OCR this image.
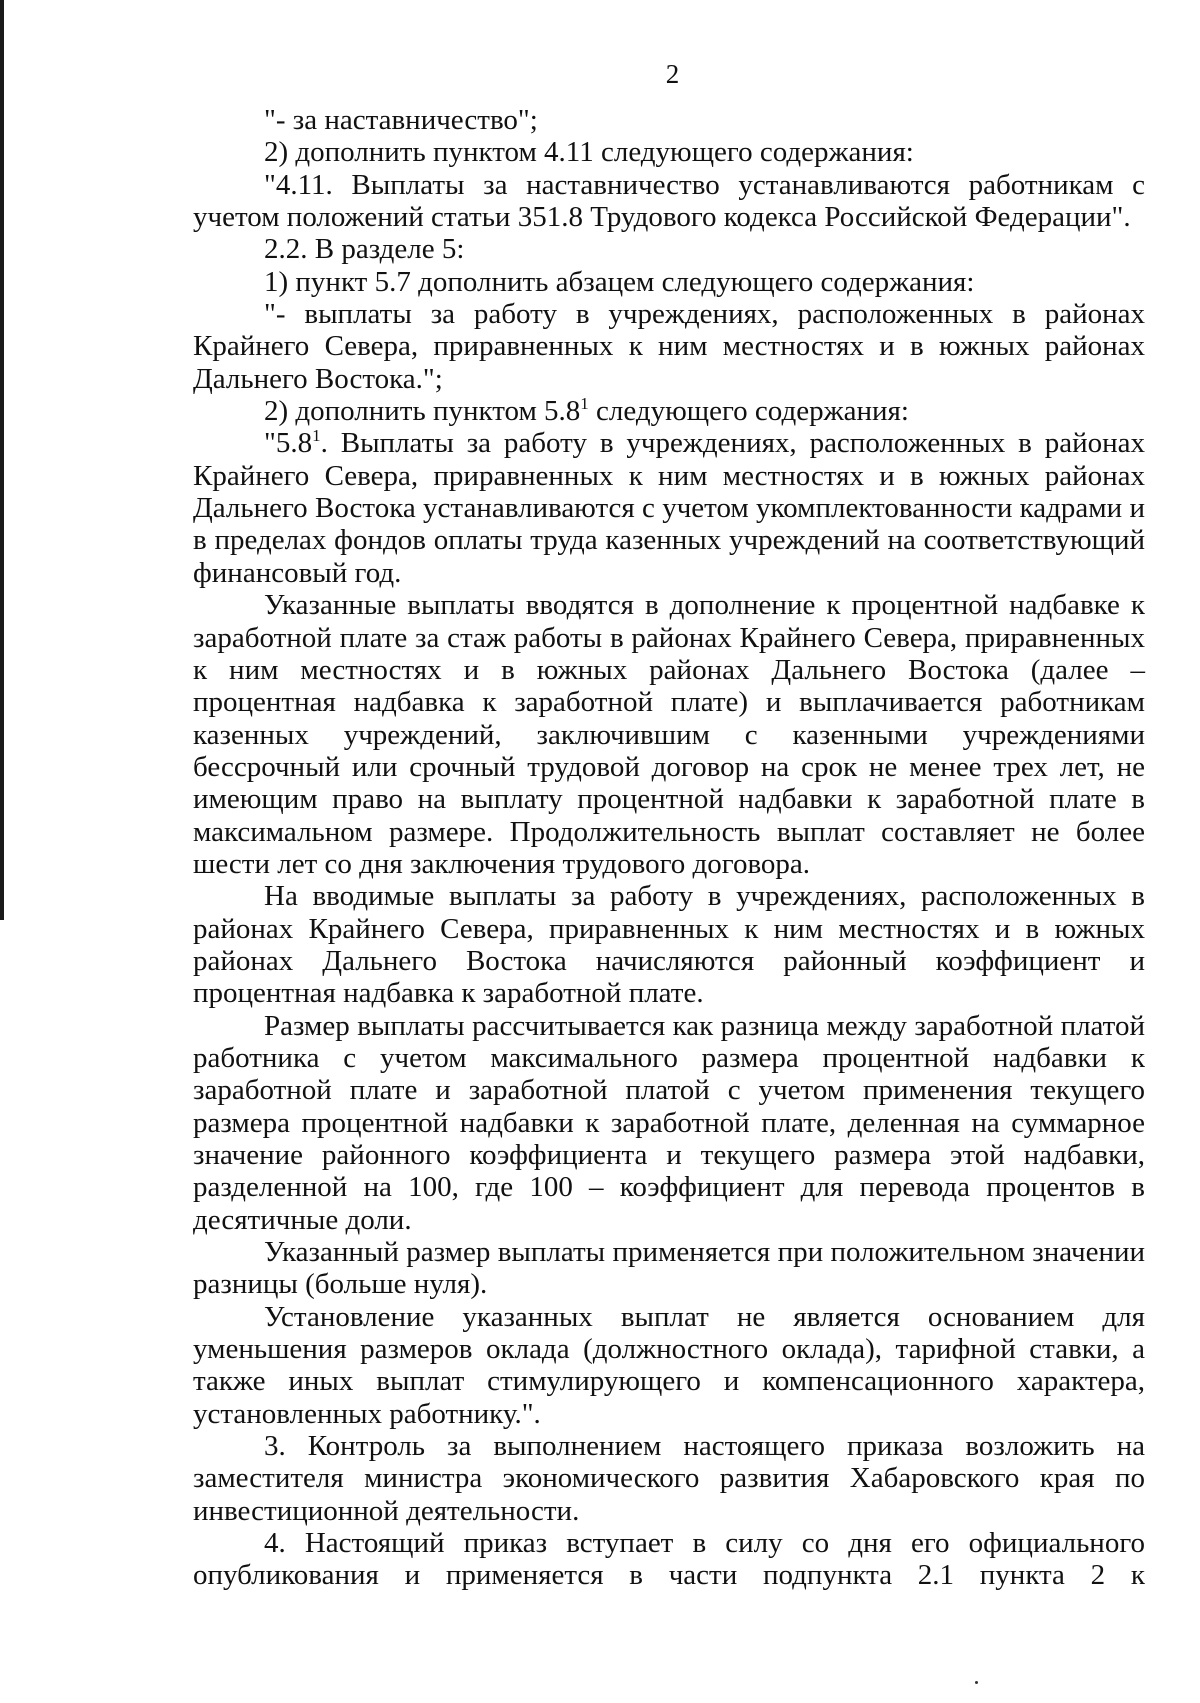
2

"- за наставничество";

2) дополнить пунктом 4.11 следующего содержания:

"4.11. Выплаты за наставничество устанавливаются работникам с учетом положений статьи 351.8 Трудового кодекса Российской Федерации".

2.2. В разделе 5:

1) пункт 5.7 дополнить абзацем следующего содержания:

"- выплаты за работу в учреждениях, расположенных в районах Крайнего Севера, приравненных к ним местностях и в южных районах Дальнего Востока.";

2) дополнить пунктом $5.8^1$ следующего содержания:

"$5.8^1$. Выплаты за работу в учреждениях, расположенных в районах Крайнего Севера, приравненных к ним местностях и в южных районах Дальнего Востока устанавливаются с учетом укомплектованности кадрами и в пределах фондов оплаты труда казенных учреждений на соответствующий финансовый год.

Указанные выплаты вводятся в дополнение к процентной надбавке к заработной плате за стаж работы в районах Крайнего Севера, приравненных к ним местностях и в южных районах Дальнего Востока (далее – процентная надбавка к заработной плате) и выплачивается работникам казенных учреждений, заключившим с казенными учреждениями бессрочный или срочный трудовой договор на срок не менее трех лет, не имеющим право на выплату процентной надбавки к заработной плате в максимальном размере. Продолжительность выплат составляет не более шести лет со дня заключения трудового договора.

На вводимые выплаты за работу в учреждениях, расположенных в районах Крайнего Севера, приравненных к ним местностях и в южных районах Дальнего Востока начисляются районный коэффициент и процентная надбавка к заработной плате.

Размер выплаты рассчитывается как разница между заработной платой работника с учетом максимального размера процентной надбавки к заработной плате и заработной платой с учетом применения текущего размера процентной надбавки к заработной плате, деленная на суммарное значение районного коэффициента и текущего размера этой надбавки, разделенной на 100, где 100 – коэффициент для перевода процентов в десятичные доли.

Указанный размер выплаты применяется при положительном значении разницы (больше нуля).

Установление указанных выплат не является основанием для уменьшения размеров оклада (должностного оклада), тарифной ставки, а также иных выплат стимулирующего и компенсационного характера, установленных работнику.".

3. Контроль за выполнением настоящего приказа возложить на заместителя министра экономического развития Хабаровского края по инвестиционной деятельности.

4. Настоящий приказ вступает в силу со дня его официального опубликования и применяется в части подпункта 2.1 пункта 2 к
